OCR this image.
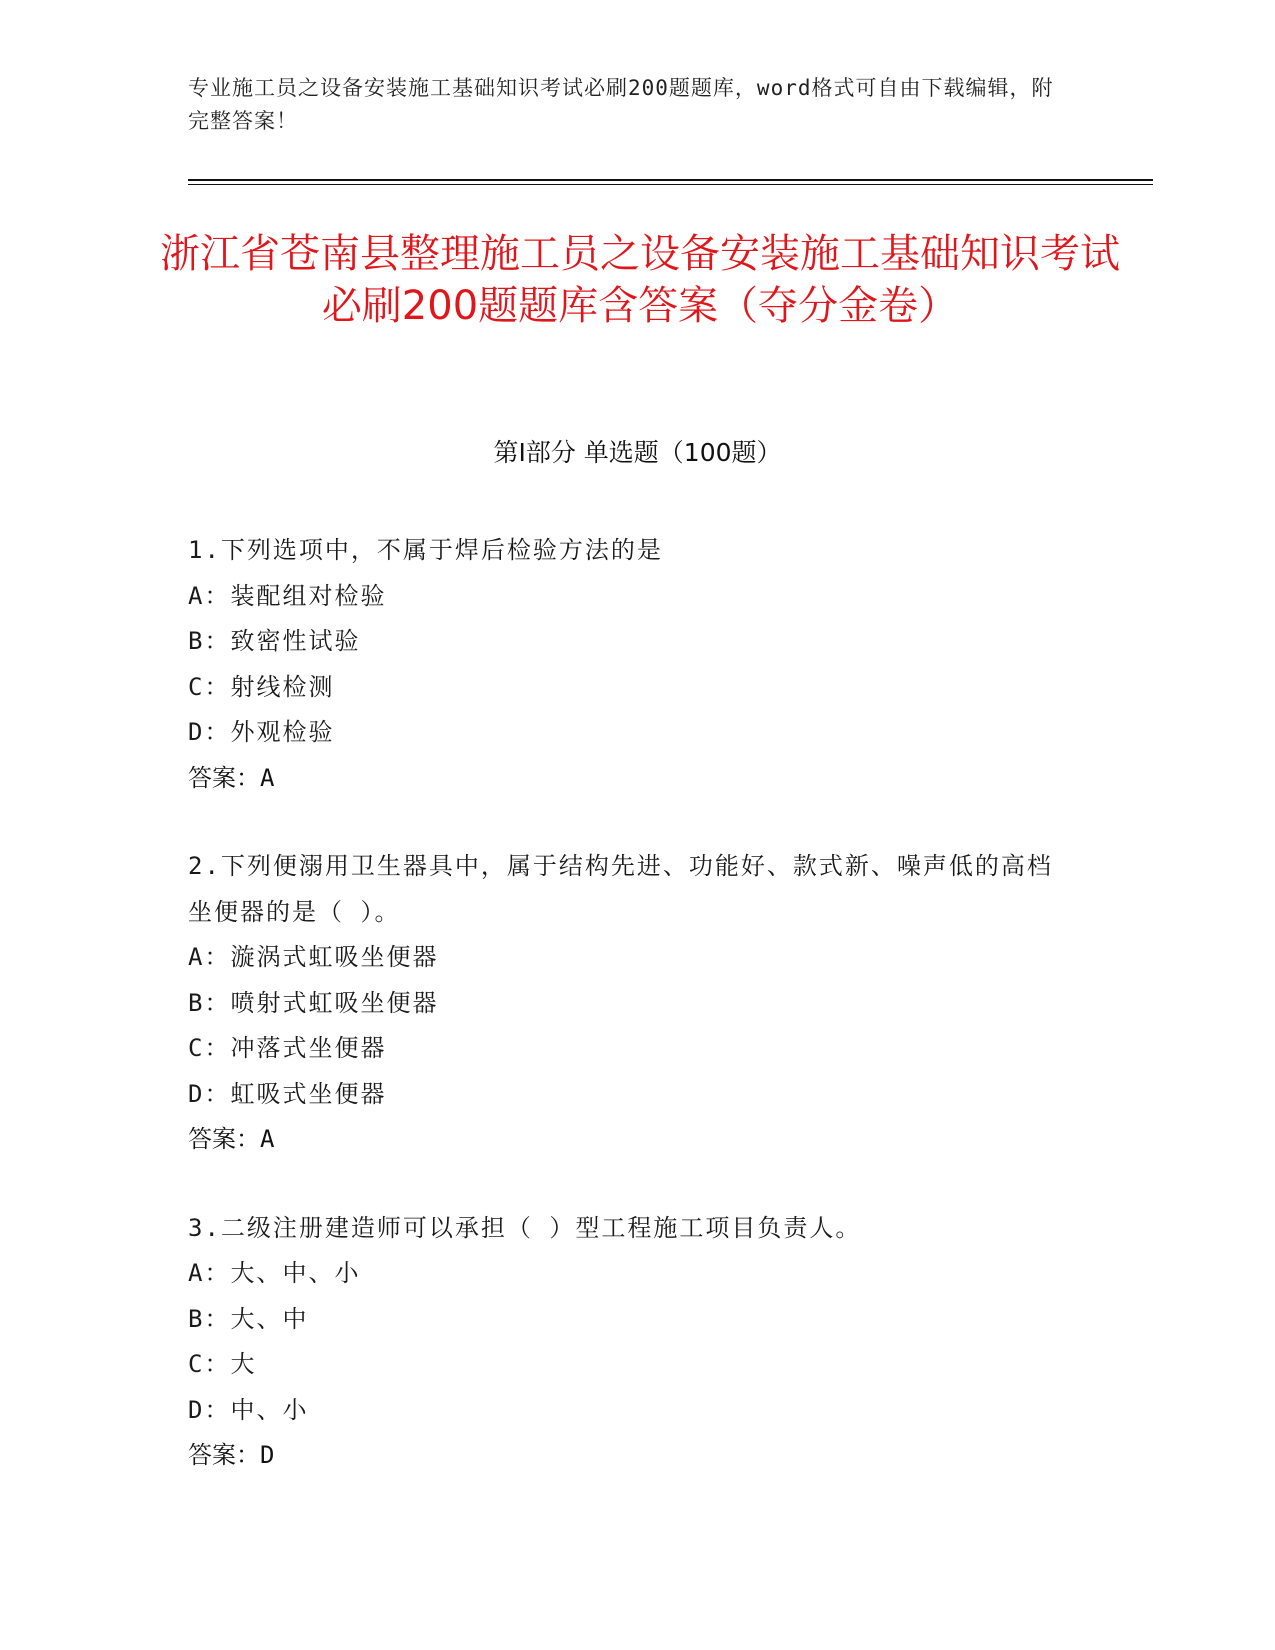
专业施工员之设备安装施工基础知识考试必刷200题题库，word格式可自由下载编辑，附完整答案！
浙江省苍南县整理施工员之设备安装施工基础知识考试必刷200题题库含答案（夺分金卷）
第Ⅰ部分 单选题（100题）
1.下列选项中，不属于焊后检验方法的是
A：装配组对检验
B：致密性试验
C：射线检测
D：外观检验
答案：A
2.下列便溺用卫生器具中，属于结构先进、功能好、款式新、噪声低的高档坐便器的是（ ）。
A：漩涡式虹吸坐便器
B：喷射式虹吸坐便器
C：冲落式坐便器
D：虹吸式坐便器
答案：A
3.二级注册建造师可以承担（ ）型工程施工项目负责人。
A：大、中、小
B：大、中
C：大
D：中、小
答案：D
